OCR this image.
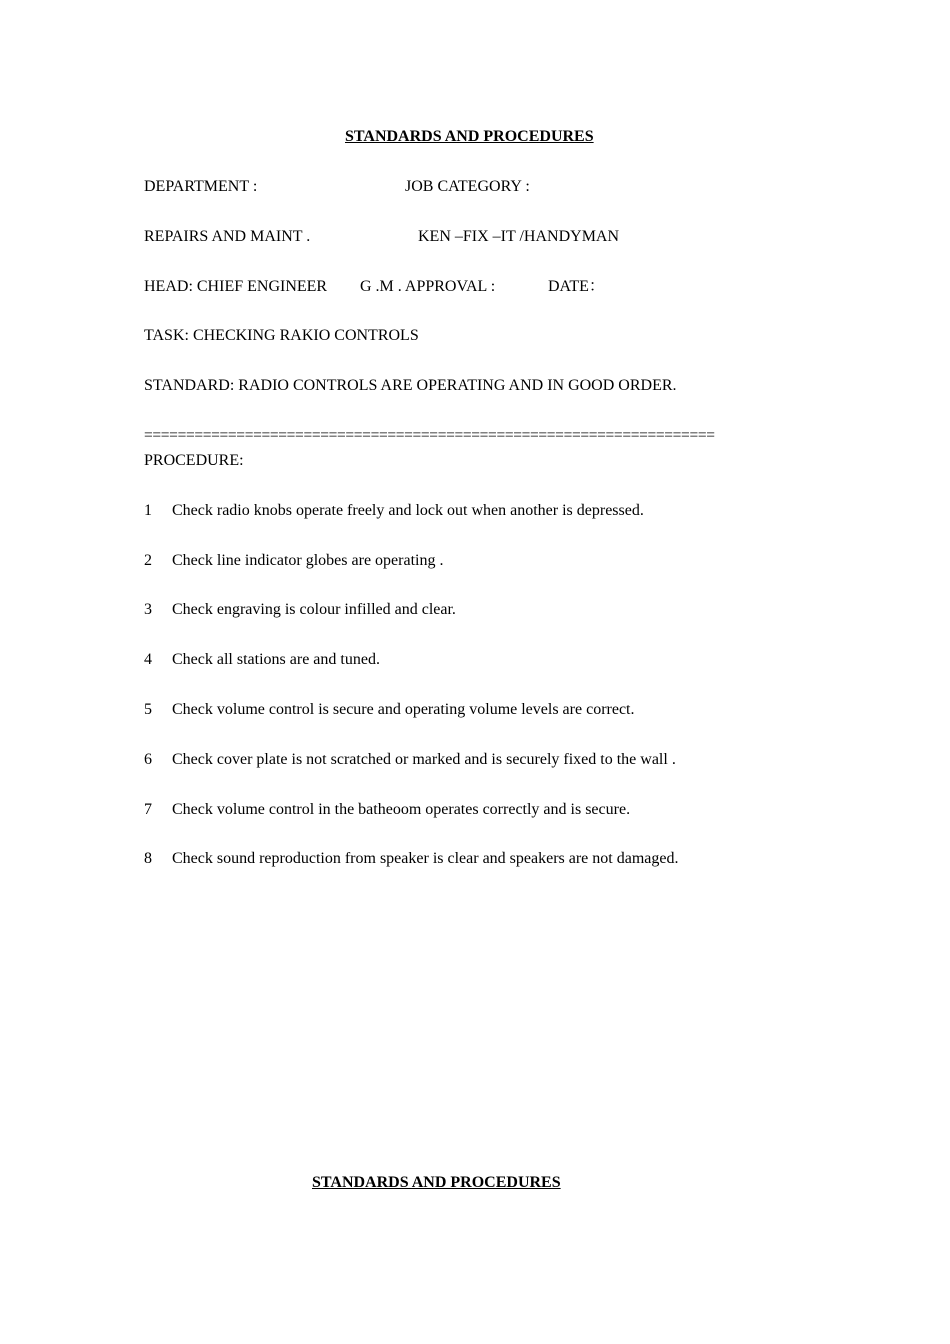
STANDARDS AND PROCEDURES
DEPARTMENT :	JOB CATEGORY :
REPAIRS AND MAINT .	KEN –FIX –IT /HANDYMAN
HEAD: CHIEF ENGINEER G .M . APPROVAL :	DATE：
TASK: CHECKING RAKIO CONTROLS
STANDARD: RADIO CONTROLS ARE OPERATING AND IN GOOD ORDER.
====================================================================
PROCEDURE:
1 Check radio knobs operate freely and lock out when another is depressed.
2 Check line indicator globes are operating .
3 Check engraving is colour infilled and clear.
4 Check all stations are and tuned.
5 Check volume control is secure and operating volume levels are correct.
6 Check cover plate is not scratched or marked and is securely fixed to the wall .
7 Check volume control in the batheoom operates correctly and is secure.
8 Check sound reproduction from speaker is clear and speakers are not damaged.
STANDARDS AND PROCEDURES
